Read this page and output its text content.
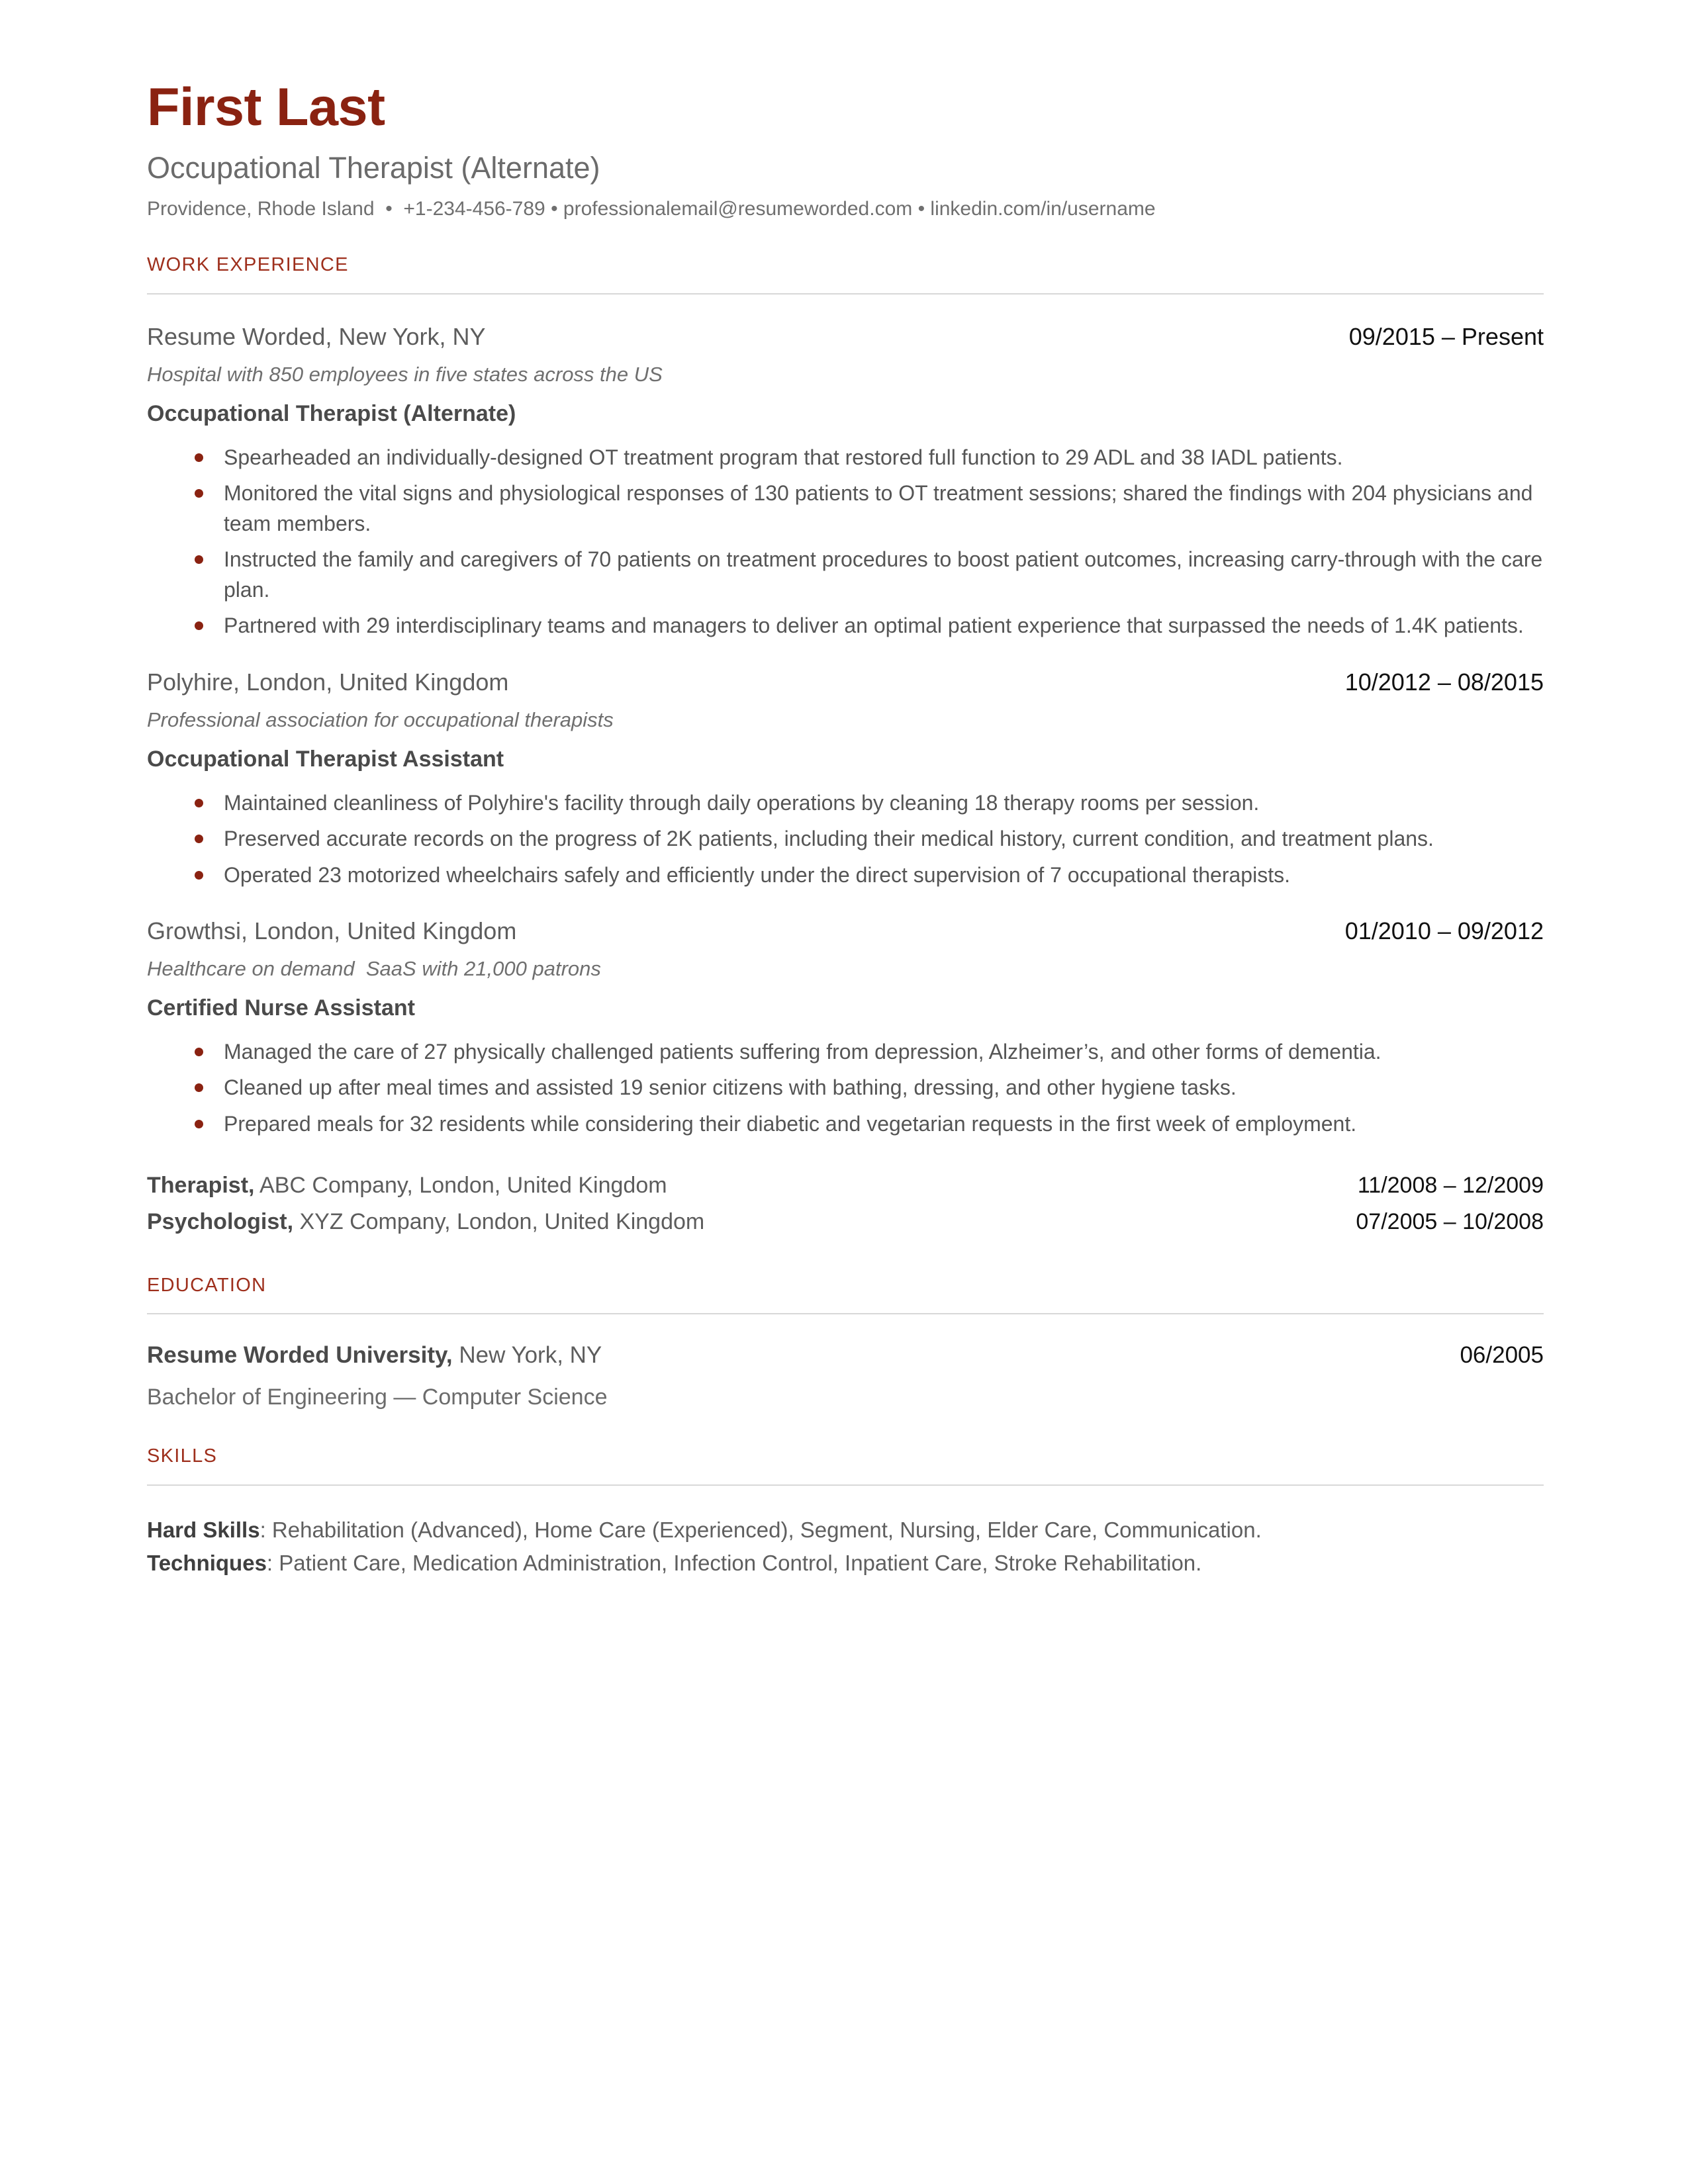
First Last
Occupational Therapist (Alternate)
Providence, Rhode Island  •  +1-234-456-789 • professionalemail@resumeworded.com • linkedin.com/in/username
WORK EXPERIENCE
Resume Worded, New York, NY	09/2015 – Present
Hospital with 850 employees in five states across the US
Occupational Therapist (Alternate)
Spearheaded an individually-designed OT treatment program that restored full function to 29 ADL and 38 IADL patients.
Monitored the vital signs and physiological responses of 130 patients to OT treatment sessions; shared the findings with 204 physicians and team members.
Instructed the family and caregivers of 70 patients on treatment procedures to boost patient outcomes, increasing carry-through with the care plan.
Partnered with 29 interdisciplinary teams and managers to deliver an optimal patient experience that surpassed the needs of 1.4K patients.
Polyhire, London, United Kingdom	10/2012 – 08/2015
Professional association for occupational therapists
Occupational Therapist Assistant
Maintained cleanliness of Polyhire's facility through daily operations by cleaning 18 therapy rooms per session.
Preserved accurate records on the progress of 2K patients, including their medical history, current condition, and treatment plans.
Operated 23 motorized wheelchairs safely and efficiently under the direct supervision of 7 occupational therapists.
Growthsi, London, United Kingdom	01/2010 – 09/2012
Healthcare on demand  SaaS with 21,000 patrons
Certified Nurse Assistant
Managed the care of 27 physically challenged patients suffering from depression, Alzheimer’s, and other forms of dementia.
Cleaned up after meal times and assisted 19 senior citizens with bathing, dressing, and other hygiene tasks.
Prepared meals for 32 residents while considering their diabetic and vegetarian requests in the first week of employment.
Therapist, ABC Company, London, United Kingdom	11/2008 – 12/2009
Psychologist, XYZ Company, London, United Kingdom	07/2005 – 10/2008
EDUCATION
Resume Worded University, New York, NY	06/2005
Bachelor of Engineering — Computer Science
SKILLS
Hard Skills: Rehabilitation (Advanced), Home Care (Experienced), Segment, Nursing, Elder Care, Communication.
Techniques: Patient Care, Medication Administration, Infection Control, Inpatient Care, Stroke Rehabilitation.
